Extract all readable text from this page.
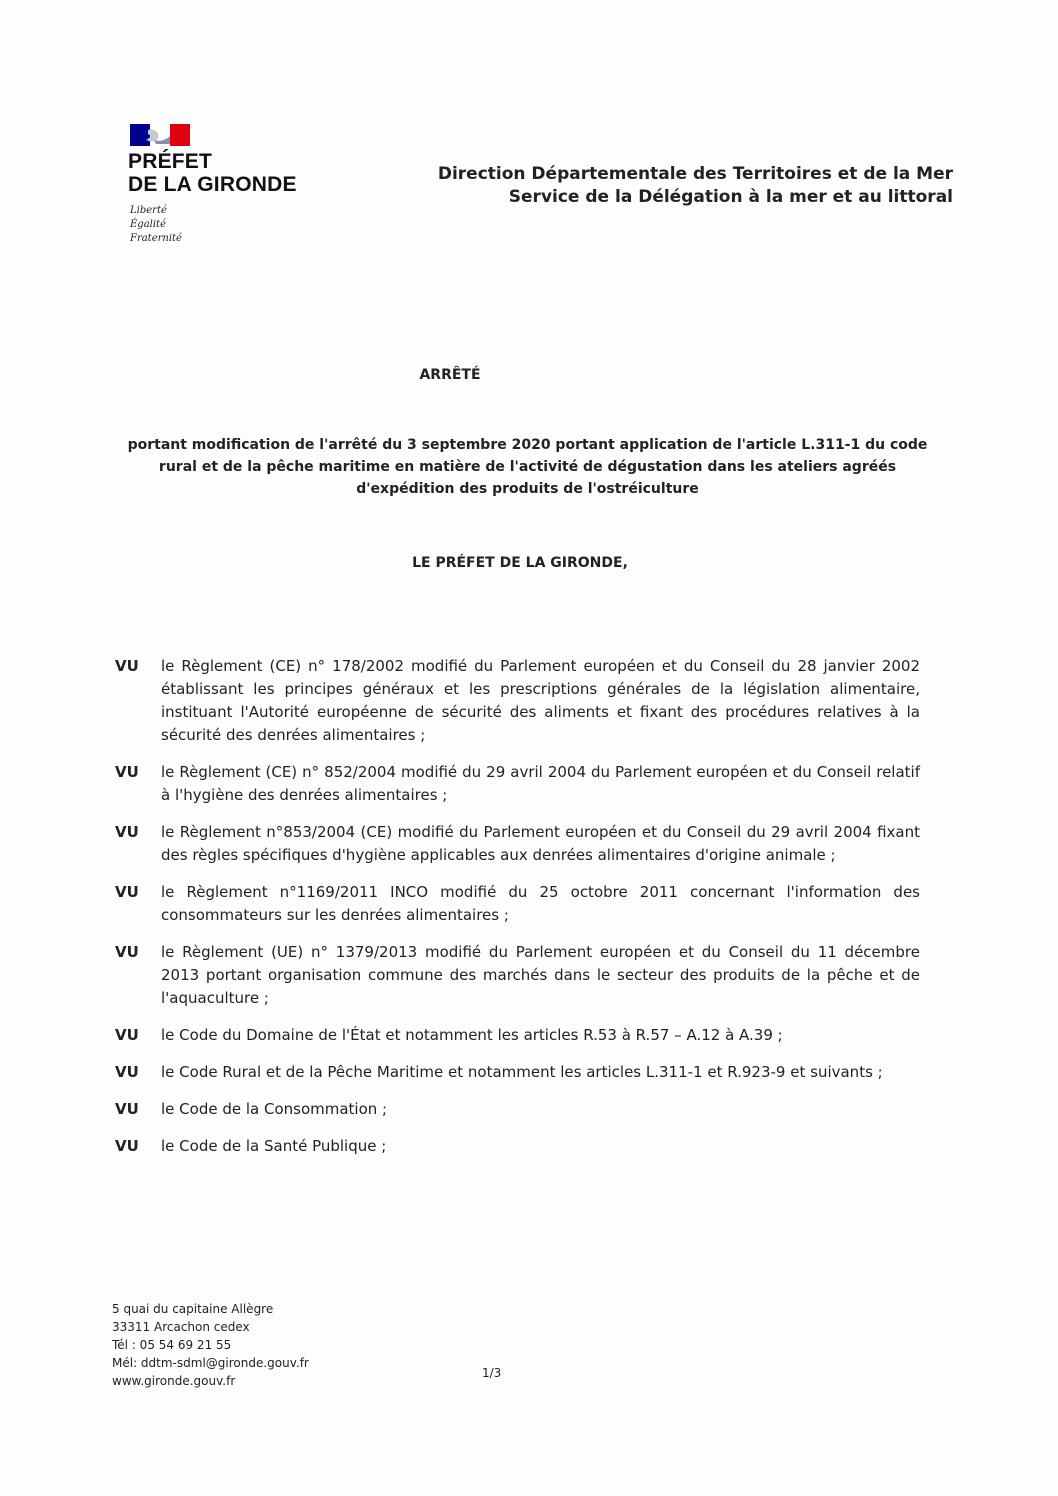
PRÉFET
DE LA GIRONDE
Liberté
Égalité
Fraternité
Direction Départementale des Territoires et de la Mer
Service de la Délégation à la mer et au littoral
ARRÊTÉ
portant modification de l'arrêté du 3 septembre 2020 portant application de l'article L.311-1 du code rural et de la pêche maritime en matière de l'activité de dégustation dans les ateliers agréés d'expédition des produits de l'ostréiculture
LE PRÉFET DE LA GIRONDE,
VU	le Règlement (CE) n° 178/2002 modifié du Parlement européen et du Conseil du 28 janvier 2002 établissant les principes généraux et les prescriptions générales de la législation alimentaire, instituant l'Autorité européenne de sécurité des aliments et fixant des procédures relatives à la sécurité des denrées alimentaires ;
VU	le Règlement (CE) n° 852/2004 modifié du 29 avril 2004 du Parlement européen et du Conseil relatif à l'hygiène des denrées alimentaires ;
VU	le Règlement n°853/2004 (CE) modifié du Parlement européen et du Conseil du 29 avril 2004 fixant des règles spécifiques d'hygiène applicables aux denrées alimentaires d'origine animale ;
VU	le Règlement n°1169/2011 INCO modifié du 25 octobre 2011 concernant l'information des consommateurs sur les denrées alimentaires ;
VU	le Règlement (UE) n° 1379/2013 modifié du Parlement européen et du Conseil du 11 décembre 2013 portant organisation commune des marchés dans le secteur des produits de la pêche et de l'aquaculture ;
VU	le Code du Domaine de l'État et notamment les articles R.53 à R.57 – A.12 à A.39 ;
VU	le Code Rural et de la Pêche Maritime et notamment les articles L.311-1 et R.923-9 et suivants ;
VU	le Code de la Consommation ;
VU	le Code de la Santé Publique ;
5 quai du capitaine Allègre
33311 Arcachon cedex
Tél : 05 54 69 21 55
Mél: ddtm-sdml@gironde.gouv.fr
www.gironde.gouv.fr
1/3
